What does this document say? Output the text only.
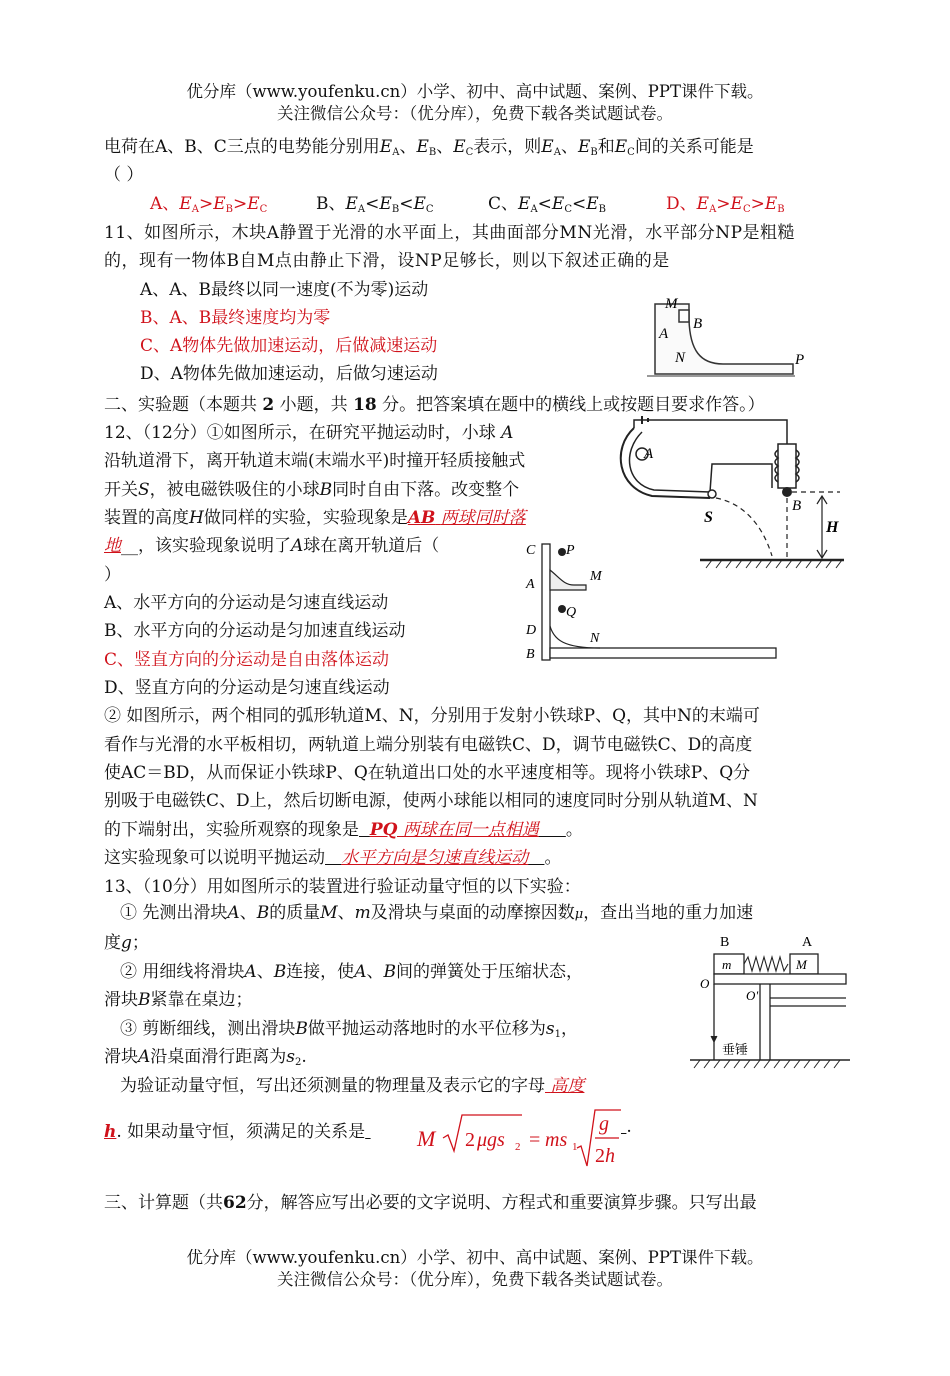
优分库（www.youfenku.cn）小学、初中、高中试题、案例、PPT课件下载。
关注微信公众号：（优分库），免费下载各类试题试卷。
电荷在A、B、C三点的电势能分别用$E_A$、$E_B$、$E_C$表示，则$E_A$、$E_B$和$E_C$间的关系可能是
（ ）
A、$E_A>E_B>E_C$	B、$E_A<E_B<E_C$	C、$E_A<E_C<E_B$	D、$E_A>E_C>E_B$
11、如图所示，木块A静置于光滑的水平面上，其曲面部分MN光滑，水平部分NP是粗糙
的，现有一物体B自M点由静止下滑，设NP足够长，则以下叙述正确的是
A、A、B最终以同一速度(不为零)运动
B、A、B最终速度均为零
C、A物体先做加速运动，后做减速运动
D、A物体先做加速运动，后做匀速运动
M
B
A
N	P
二、实验题（本题共 2 小题，共 18 分。把答案填在题中的横线上或按题目要求作答。）
12、（12分）①如图所示，在研究平抛运动时，小球 A
沿轨道滑下，离开轨道末端(末端水平)时撞开轻质接触式
开关S，被电磁铁吸住的小球B同时自由下落。改变整个
装置的高度H做同样的实验，实验现象是AB 两球同时落
地__，该实验现象说明了A球在离开轨道后（
）
A、水平方向的分运动是匀速直线运动
B、水平方向的分运动是匀加速直线运动
C、竖直方向的分运动是自由落体运动
D、竖直方向的分运动是匀速直线运动
A
S
B
H
C P
A
M
Q
D
N
B
② 如图所示，两个相同的弧形轨道M、N，分别用于发射小铁球P、Q，其中N的末端可
看作与光滑的水平板相切，两轨道上端分别装有电磁铁C、D，调节电磁铁C、D的高度
使AC＝BD，从而保证小铁球P、Q在轨道出口处的水平速度相等。现将小铁球P、Q分
别吸于电磁铁C、D上，然后切断电源，使两小球能以相同的速度同时分别从轨道M、N
的下端射出，实验所观察的现象是 PQ 两球在同一点相遇 。
这实验现象可以说明平抛运动 水平方向是匀速直线运动 。
13、（10分）用如图所示的装置进行验证动量守恒的以下实验：
① 先测出滑块A、B的质量M、m及滑块与桌面的动摩擦因数μ，查出当地的重力加速
度g；
② 用细线将滑块A、B连接，使A、B间的弹簧处于压缩状态，
滑块B紧靠在桌边；
③ 剪断细线，测出滑块B做平抛运动落地时的水平位移为$s_1$，
滑块A沿桌面滑行距离为$s_2$.
为验证动量守恒，写出还须测量的物理量及表示它的字母 高度
h. 如果动量守恒，须满足的关系是 M 2 μgs 2 = ms 1
g
2h
.
B	A
m	M
O
O'
垂锤
三、计算题（共62分，解答应写出必要的文字说明、方程式和重要演算步骤。只写出最
优分库（www.youfenku.cn）小学、初中、高中试题、案例、PPT课件下载。
关注微信公众号：（优分库），免费下载各类试题试卷。
